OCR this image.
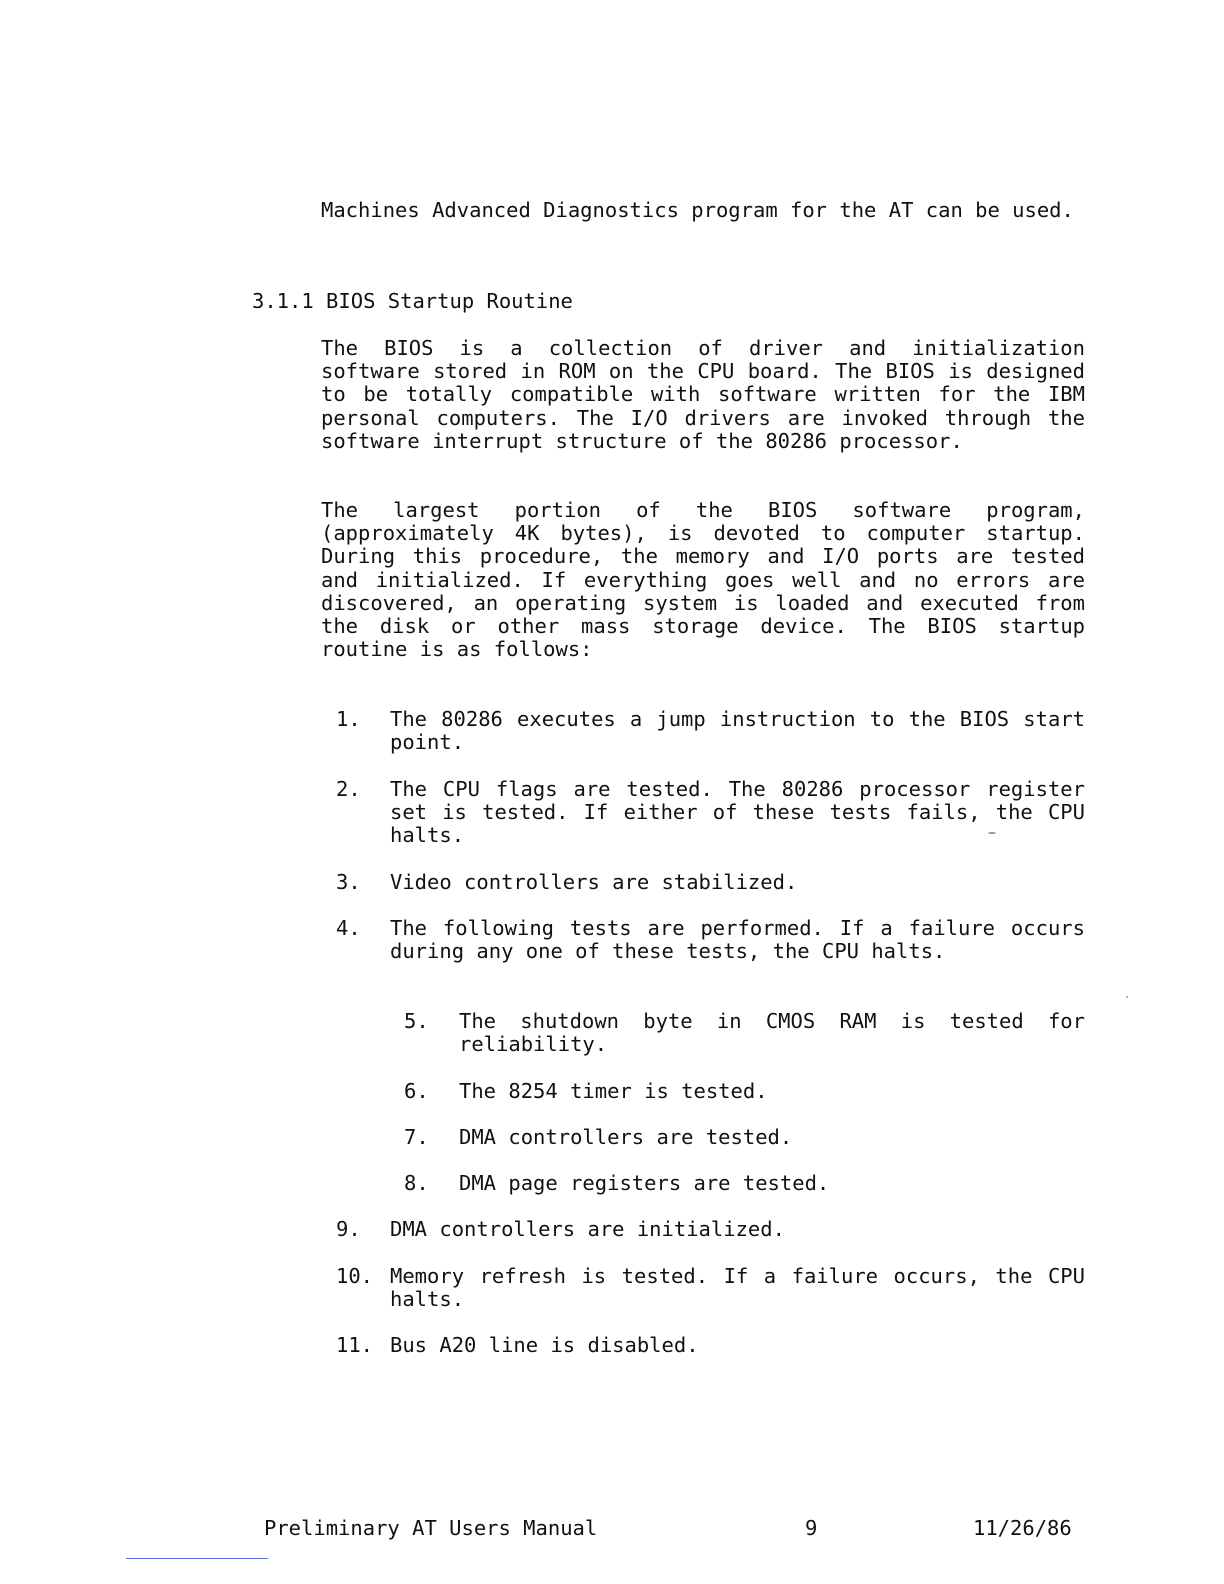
Machines Advanced Diagnostics program for the AT can be used.
3.1.1 BIOS Startup Routine
The BIOS is a collection of driver and initialization software stored in ROM on the CPU board. The BIOS is designed to be totally compatible with software written for the IBM personal computers. The I/O drivers are invoked through the software interrupt structure of the 80286 processor.
The largest portion of the BIOS software program, (approximately 4K bytes), is devoted to computer startup. During this procedure, the memory and I/O ports are tested and initialized. If everything goes well and no errors are discovered, an operating system is loaded and executed from the disk or other mass storage device. The BIOS startup routine is as follows:
1. The 80286 executes a jump instruction to the BIOS start point.
2. The CPU flags are tested. The 80286 processor register set is tested. If either of these tests fails, the CPU halts.
3. Video controllers are stabilized.
4. The following tests are performed. If a failure occurs during any one of these tests, the CPU halts.
5. The shutdown byte in CMOS RAM is tested for reliability.
6. The 8254 timer is tested.
7. DMA controllers are tested.
8. DMA page registers are tested.
9. DMA controllers are initialized.
10. Memory refresh is tested. If a failure occurs, the CPU halts.
11. Bus A20 line is disabled.
Preliminary AT Users Manual	9	11/26/86
